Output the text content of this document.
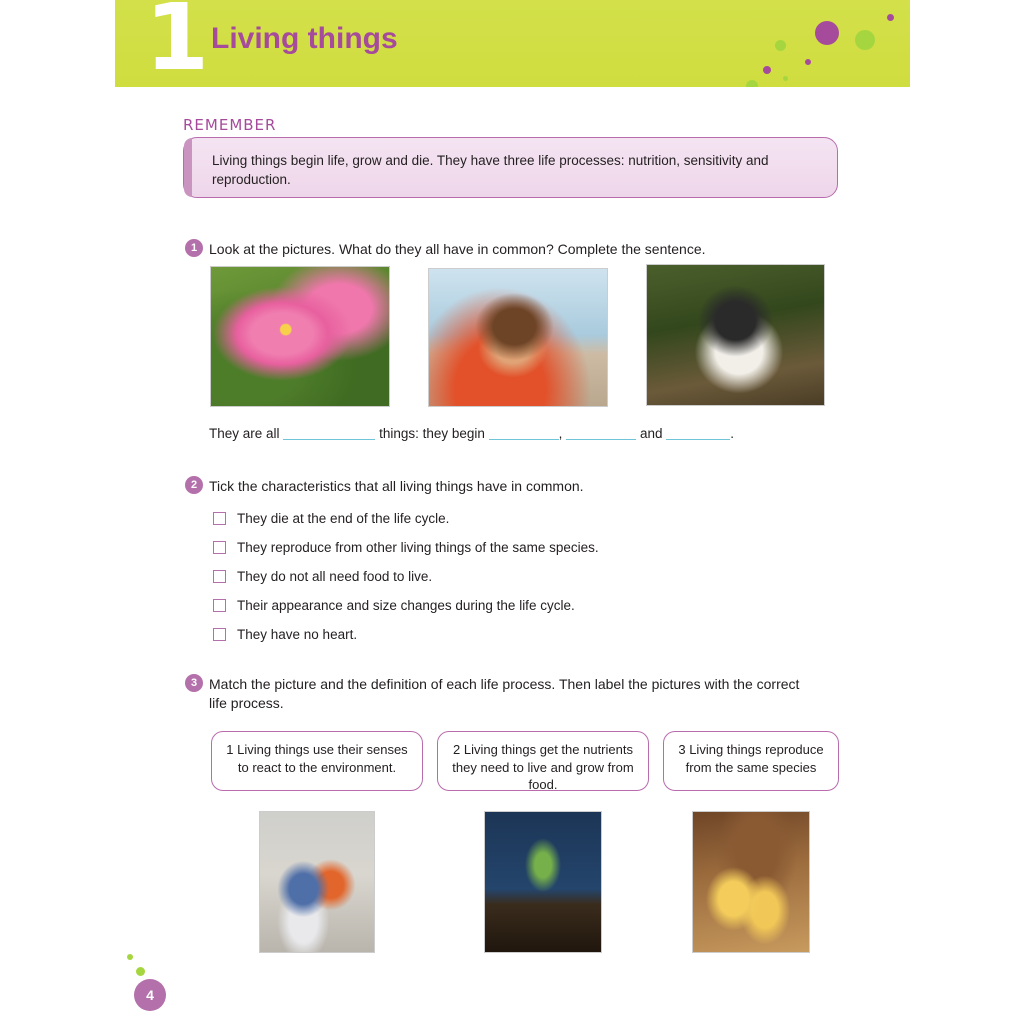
1 Living things
REMEMBER
Living things begin life, grow and die. They have three life processes: nutrition, sensitivity and reproduction.
1 Look at the pictures. What do they all have in common? Complete the sentence.
They are all	things: they begin	,	and	.
2 Tick the characteristics that all living things have in common.
They die at the end of the life cycle.
They reproduce from other living things of the same species.
They do not all need food to live.
Their appearance and size changes during the life cycle.
They have no heart.
3 Match the picture and the definition of each life process. Then label the pictures with the correct life process.
1 Living things use their senses to react to the environment.
2 Living things get the nutrients they need to live and grow from food.
3 Living things reproduce from the same species
4
